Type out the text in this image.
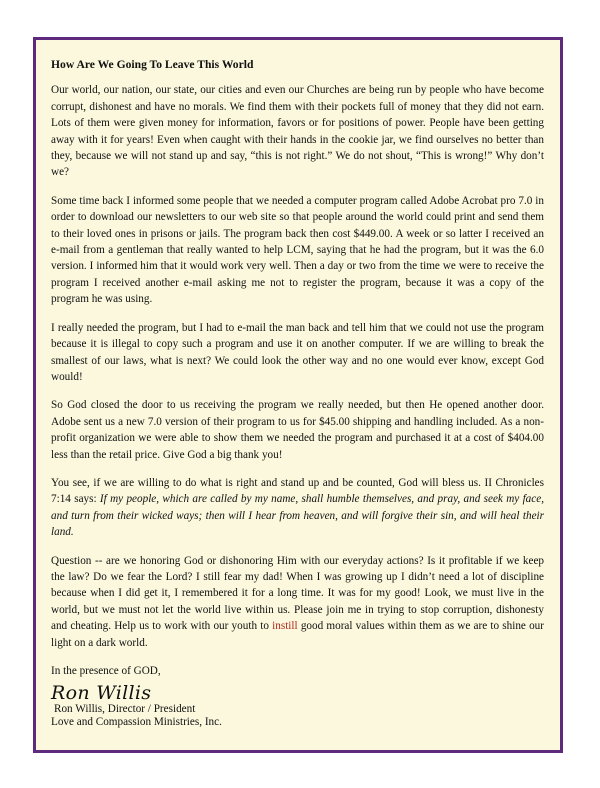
How Are We Going To Leave This World

Our world, our nation, our state, our cities and even our Churches are being run by people who have become corrupt, dishonest and have no morals. We find them with their pockets full of money that they did not earn. Lots of them were given money for information, favors or for positions of power. People have been getting away with it for years! Even when caught with their hands in the cookie jar, we find ourselves no better than they, because we will not stand up and say, “this is not right.” We do not shout, “This is wrong!” Why don’t we?

Some time back I informed some people that we needed a computer program called Adobe Acrobat pro 7.0 in order to download our newsletters to our web site so that people around the world could print and send them to their loved ones in prisons or jails. The program back then cost $449.00. A week or so latter I received an e-mail from a gentleman that really wanted to help LCM, saying that he had the program, but it was the 6.0 version. I informed him that it would work very well. Then a day or two from the time we were to receive the program I received another e-mail asking me not to register the program, because it was a copy of the program he was using.

I really needed the program, but I had to e-mail the man back and tell him that we could not use the program because it is illegal to copy such a program and use it on another computer. If we are willing to break the smallest of our laws, what is next? We could look the other way and no one would ever know, except God would!

So God closed the door to us receiving the program we really needed, but then He opened another door. Adobe sent us a new 7.0 version of their program to us for $45.00 shipping and handling included. As a non-profit organization we were able to show them we needed the program and purchased it at a cost of $404.00 less than the retail price. Give God a big thank you!

You see, if we are willing to do what is right and stand up and be counted, God will bless us. II Chronicles 7:14 says: If my people, which are called by my name, shall humble themselves, and pray, and seek my face, and turn from their wicked ways; then will I hear from heaven, and will forgive their sin, and will heal their land.

Question -- are we honoring God or dishonoring Him with our everyday actions? Is it profitable if we keep the law? Do we fear the Lord? I still fear my dad! When I was growing up I didn’t need a lot of discipline because when I did get it, I remembered it for a long time. It was for my good! Look, we must live in the world, but we must not let the world live within us. Please join me in trying to stop corruption, dishonesty and cheating. Help us to work with our youth to instill good moral values within them as we are to shine our light on a dark world.

In the presence of GOD,

Ron Willis

Ron Willis, Director / President

Love and Compassion Ministries, Inc.
